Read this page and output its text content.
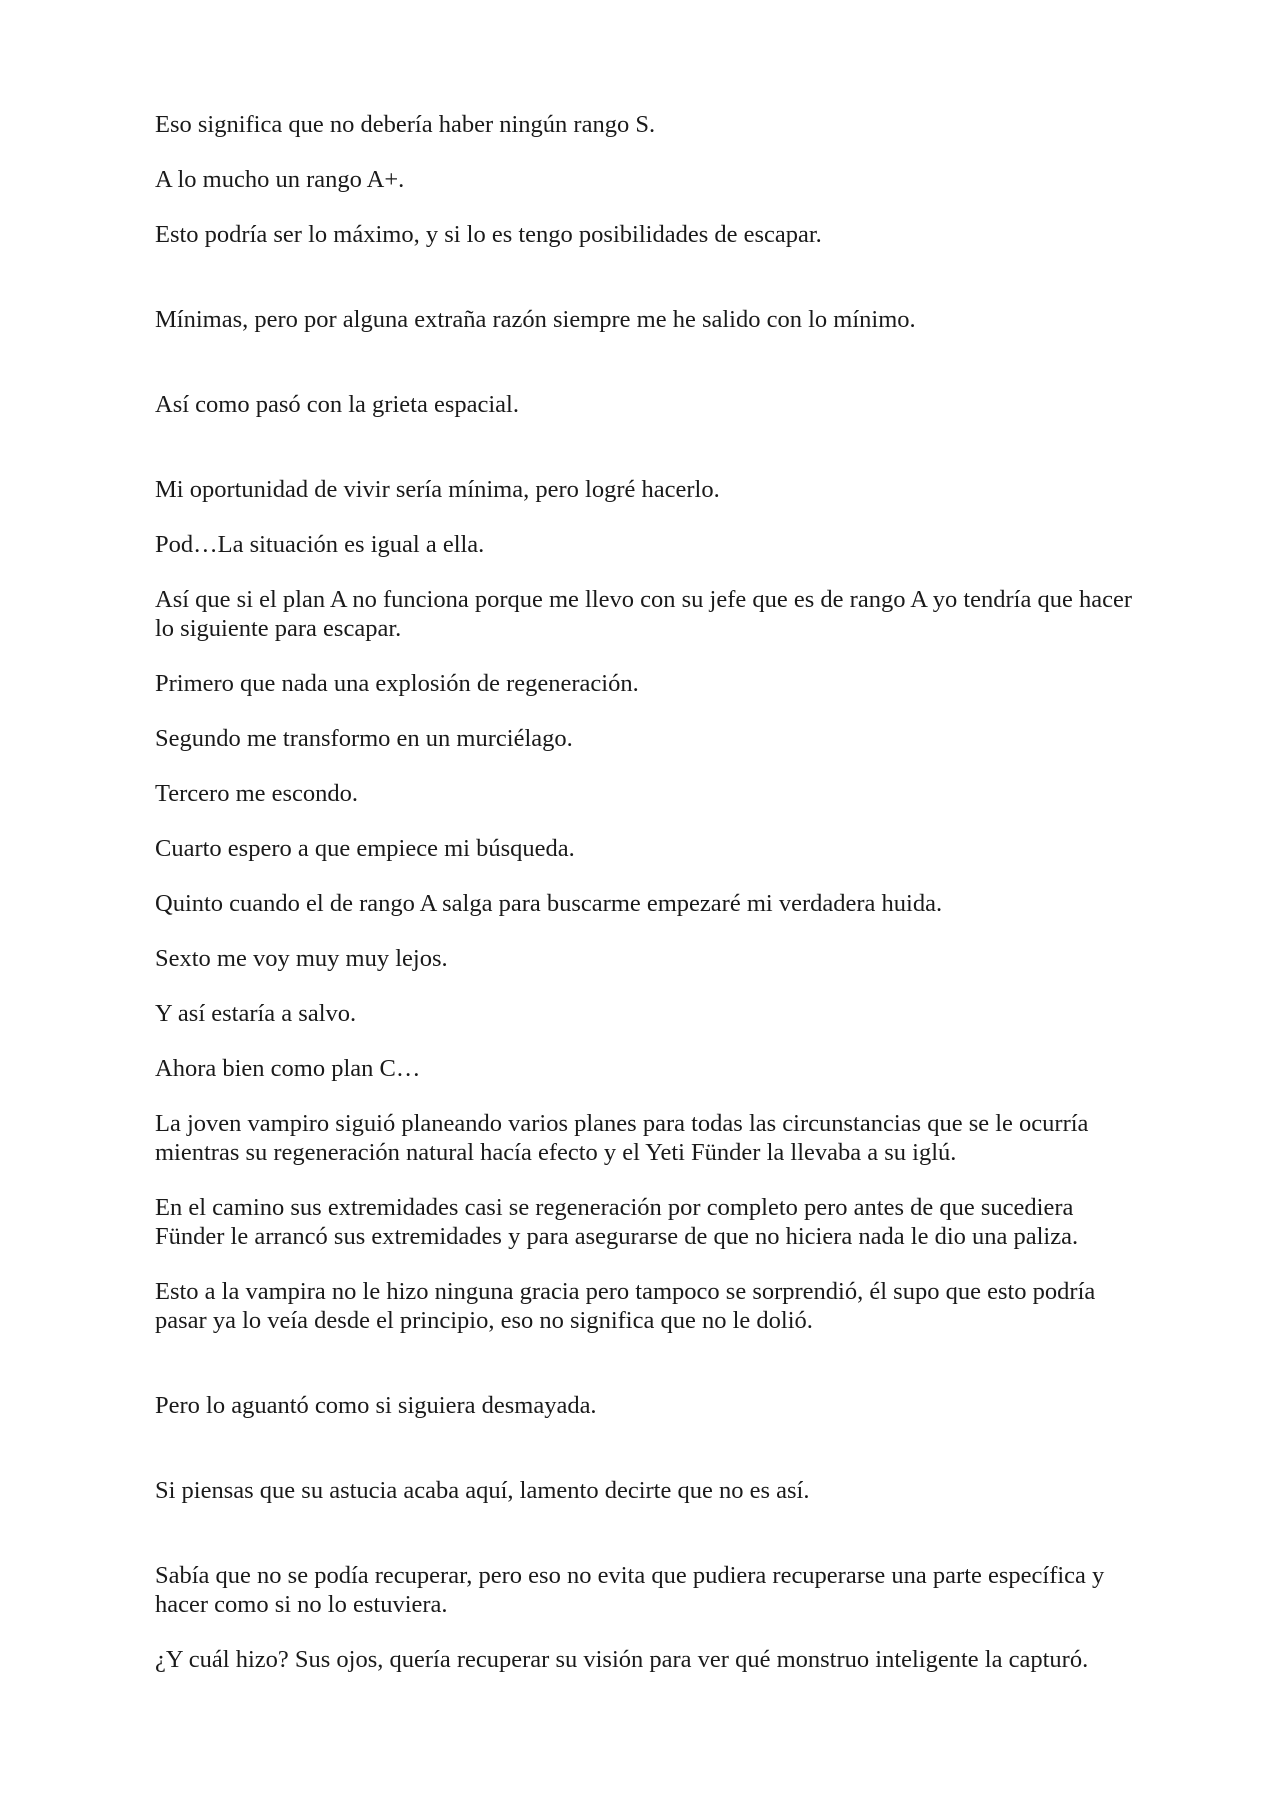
Eso significa que no debería haber ningún rango S.

A lo mucho un rango A+.

Esto podría ser lo máximo, y si lo es tengo posibilidades de escapar.

Mínimas, pero por alguna extraña razón siempre me he salido con lo mínimo.

Así como pasó con la grieta espacial.

Mi oportunidad de vivir sería mínima, pero logré hacerlo.

Pod…La situación es igual a ella.

Así que si el plan A no funciona porque me llevo con su jefe que es de rango A yo tendría que hacer lo siguiente para escapar.

Primero que nada una explosión de regeneración.

Segundo me transformo en un murciélago.

Tercero me escondo.

Cuarto espero a que empiece mi búsqueda.

Quinto cuando el de rango A salga para buscarme empezaré mi verdadera huida.

Sexto me voy muy muy lejos.

Y así estaría a salvo.

Ahora bien como plan C…

La joven vampiro siguió planeando varios planes para todas las circunstancias que se le ocurría mientras su regeneración natural hacía efecto y el Yeti Fünder la llevaba a su iglú.

En el camino sus extremidades casi se regeneración por completo pero antes de que sucediera Fünder le arrancó sus extremidades y para asegurarse de que no hiciera nada le dio una paliza.

Esto a la vampira no le hizo ninguna gracia pero tampoco se sorprendió, él supo que esto podría pasar ya lo veía desde el principio, eso no significa que no le dolió.

Pero lo aguantó como si siguiera desmayada.

Si piensas que su astucia acaba aquí, lamento decirte que no es así.

Sabía que no se podía recuperar, pero eso no evita que pudiera recuperarse una parte específica y hacer como si no lo estuviera.

¿Y cuál hizo? Sus ojos, quería recuperar su visión para ver qué monstruo inteligente la capturó.
